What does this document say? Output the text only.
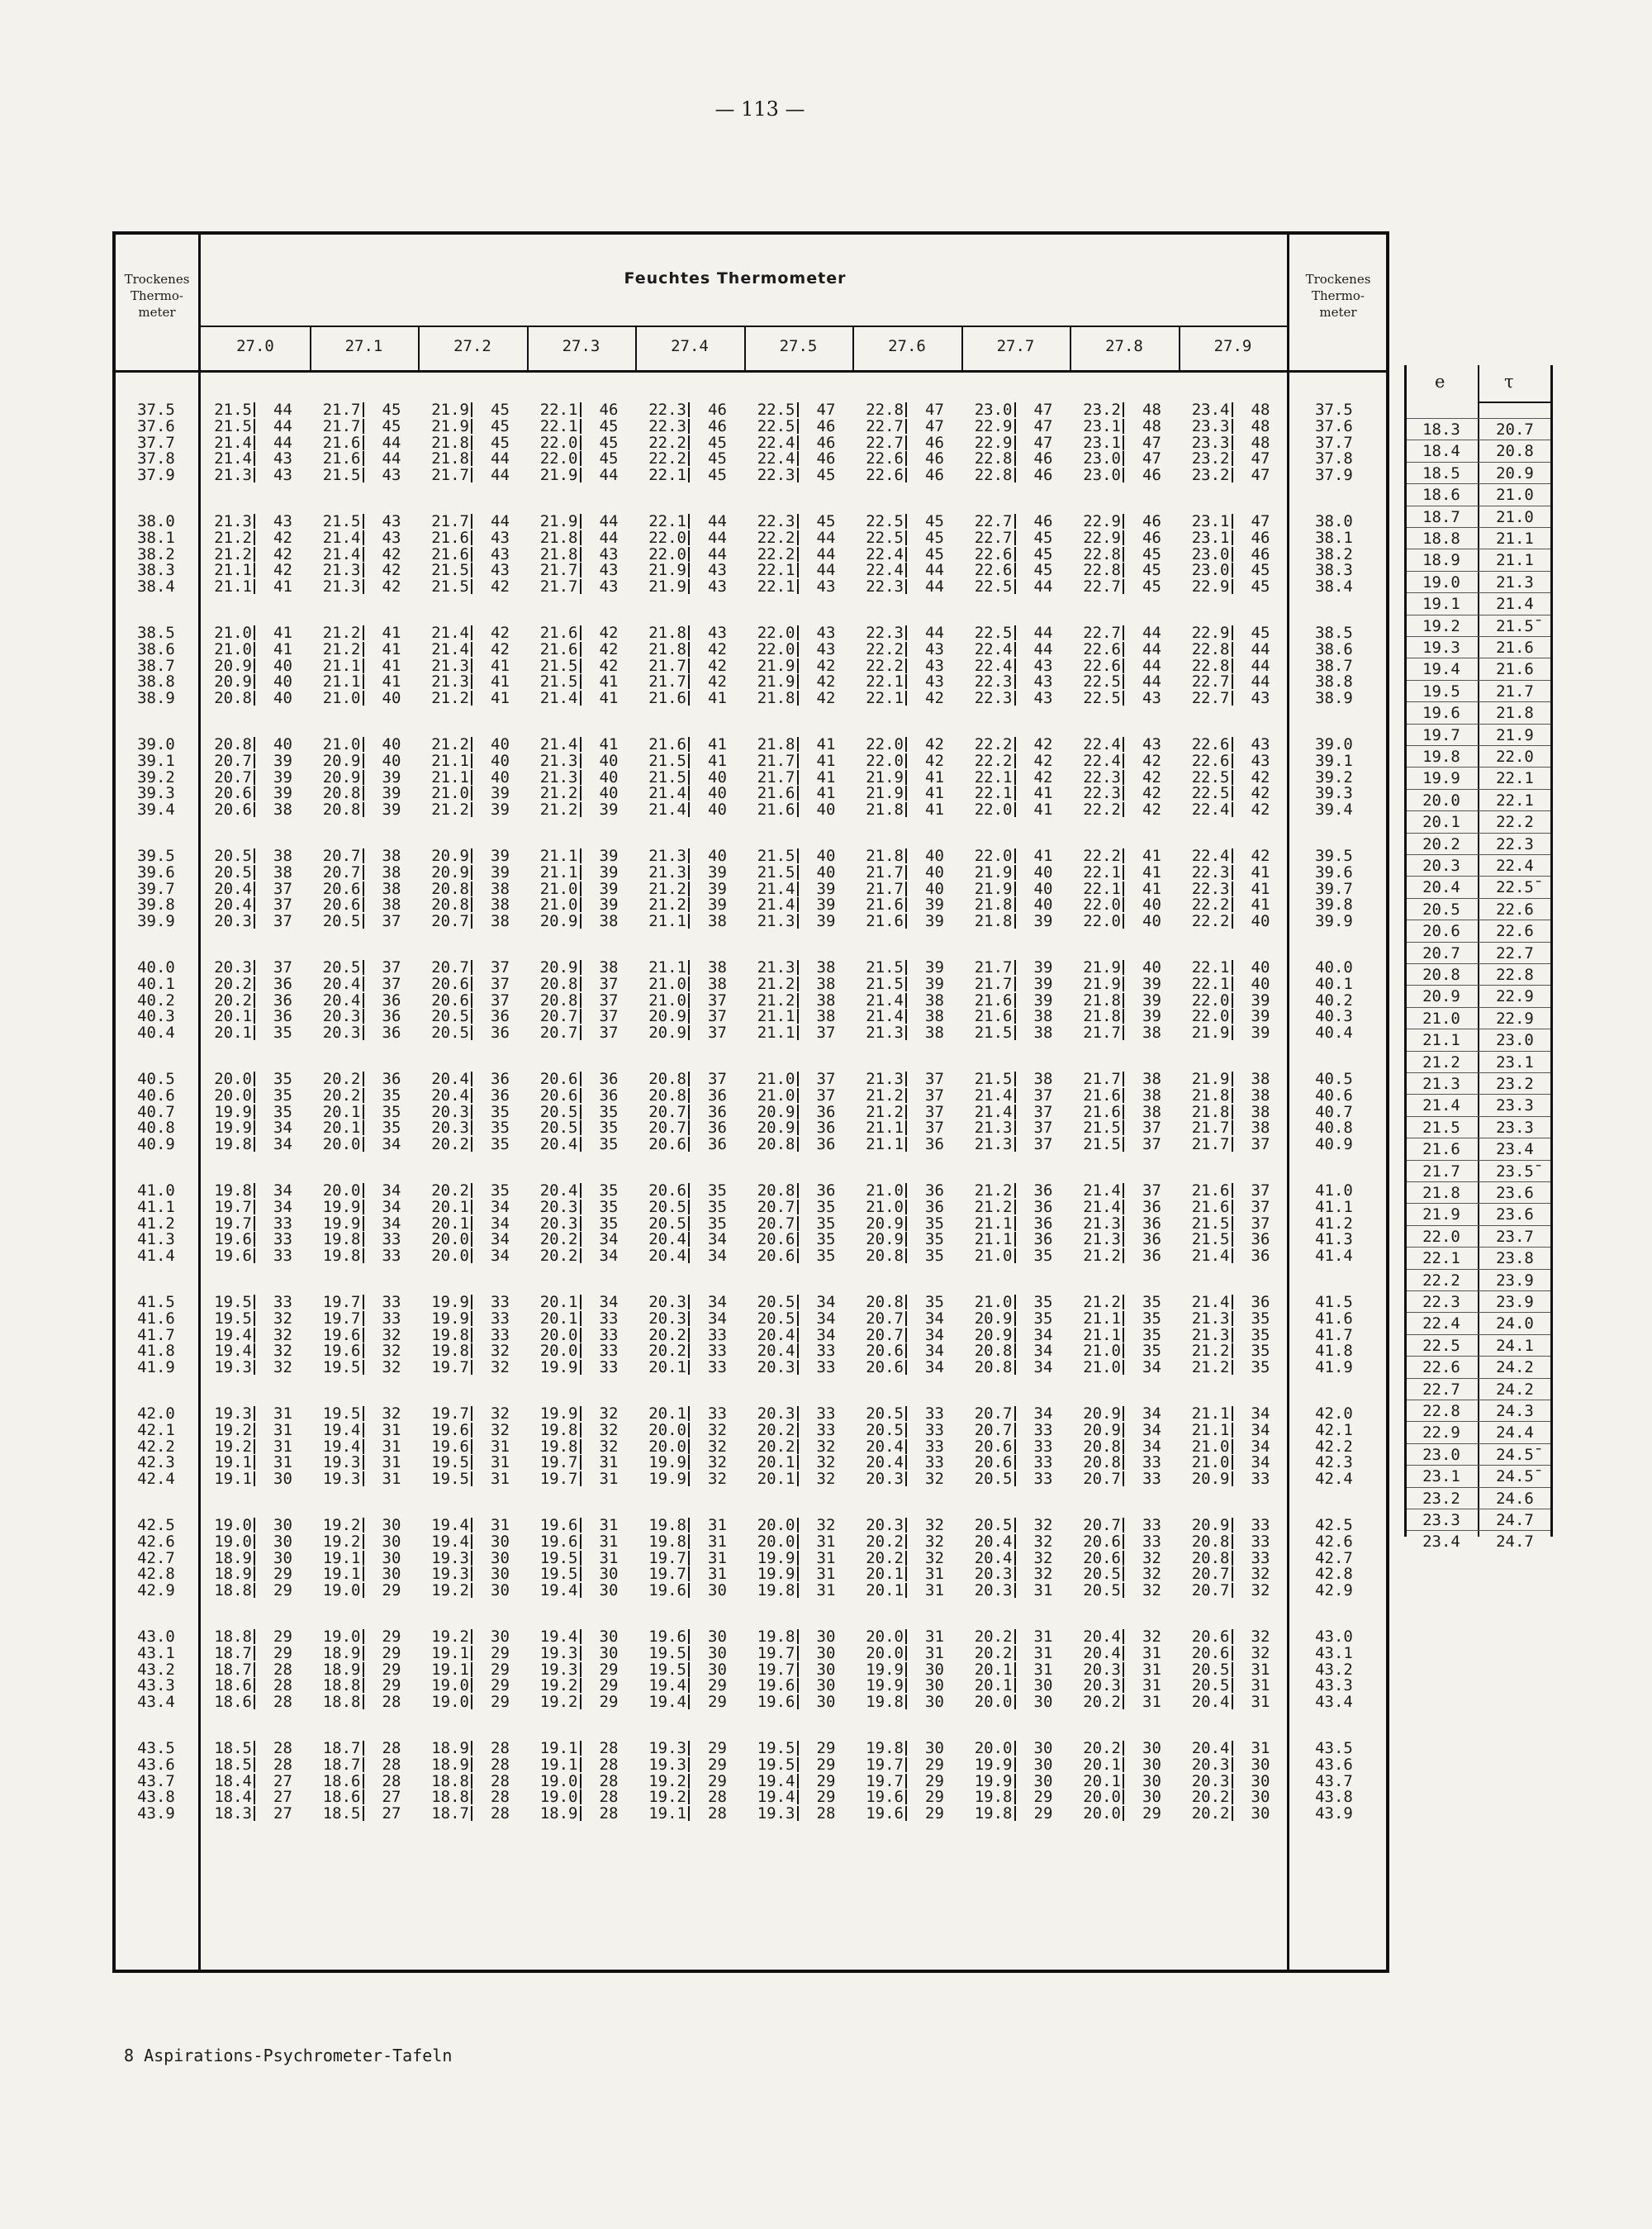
— 113 —
Trockenes
Thermo-
meter
Trockenes
Thermo-
meter
Feuchtes Thermometer
27.0	27.1	27.2	27.3	27.4	27.5	27.6	27.7	27.8	27.9
37.5	21.5 44	21.7 45	21.9 45	22.1 46	22.3 46	22.5 47	22.8 47	23.0 47	23.2 48	23.4 48	37.5
37.6	21.5 44	21.7 45	21.9 45	22.1 45	22.3 46	22.5 46	22.7 47	22.9 47	23.1 48	23.3 48	37.6
37.7	21.4 44	21.6 44	21.8 45	22.0 45	22.2 45	22.4 46	22.7 46	22.9 47	23.1 47	23.3 48	37.7
37.8	21.4 43	21.6 44	21.8 44	22.0 45	22.2 45	22.4 46	22.6 46	22.8 46	23.0 47	23.2 47	37.8
37.9	21.3 43	21.5 43	21.7 44	21.9 44	22.1 45	22.3 45	22.6 46	22.8 46	23.0 46	23.2 47	37.9
38.0	21.3 43	21.5 43	21.7 44	21.9 44	22.1 44	22.3 45	22.5 45	22.7 46	22.9 46	23.1 47	38.0
38.1	21.2 42	21.4 43	21.6 43	21.8 44	22.0 44	22.2 44	22.5 45	22.7 45	22.9 46	23.1 46	38.1
38.2	21.2 42	21.4 42	21.6 43	21.8 43	22.0 44	22.2 44	22.4 45	22.6 45	22.8 45	23.0 46	38.2
38.3	21.1 42	21.3 42	21.5 43	21.7 43	21.9 43	22.1 44	22.4 44	22.6 45	22.8 45	23.0 45	38.3
38.4	21.1 41	21.3 42	21.5 42	21.7 43	21.9 43	22.1 43	22.3 44	22.5 44	22.7 45	22.9 45	38.4
38.5	21.0 41	21.2 41	21.4 42	21.6 42	21.8 43	22.0 43	22.3 44	22.5 44	22.7 44	22.9 45	38.5
38.6	21.0 41	21.2 41	21.4 42	21.6 42	21.8 42	22.0 43	22.2 43	22.4 44	22.6 44	22.8 44	38.6
38.7	20.9 40	21.1 41	21.3 41	21.5 42	21.7 42	21.9 42	22.2 43	22.4 43	22.6 44	22.8 44	38.7
38.8	20.9 40	21.1 41	21.3 41	21.5 41	21.7 42	21.9 42	22.1 43	22.3 43	22.5 44	22.7 44	38.8
38.9	20.8 40	21.0 40	21.2 41	21.4 41	21.6 41	21.8 42	22.1 42	22.3 43	22.5 43	22.7 43	38.9
39.0	20.8 40	21.0 40	21.2 40	21.4 41	21.6 41	21.8 41	22.0 42	22.2 42	22.4 43	22.6 43	39.0
39.1	20.7 39	20.9 40	21.1 40	21.3 40	21.5 41	21.7 41	22.0 42	22.2 42	22.4 42	22.6 43	39.1
39.2	20.7 39	20.9 39	21.1 40	21.3 40	21.5 40	21.7 41	21.9 41	22.1 42	22.3 42	22.5 42	39.2
39.3	20.6 39	20.8 39	21.0 39	21.2 40	21.4 40	21.6 41	21.9 41	22.1 41	22.3 42	22.5 42	39.3
39.4	20.6 38	20.8 39	21.2 39	21.2 39	21.4 40	21.6 40	21.8 41	22.0 41	22.2 42	22.4 42	39.4
39.5	20.5 38	20.7 38	20.9 39	21.1 39	21.3 40	21.5 40	21.8 40	22.0 41	22.2 41	22.4 42	39.5
39.6	20.5 38	20.7 38	20.9 39	21.1 39	21.3 39	21.5 40	21.7 40	21.9 40	22.1 41	22.3 41	39.6
39.7	20.4 37	20.6 38	20.8 38	21.0 39	21.2 39	21.4 39	21.7 40	21.9 40	22.1 41	22.3 41	39.7
39.8	20.4 37	20.6 38	20.8 38	21.0 39	21.2 39	21.4 39	21.6 39	21.8 40	22.0 40	22.2 41	39.8
39.9	20.3 37	20.5 37	20.7 38	20.9 38	21.1 38	21.3 39	21.6 39	21.8 39	22.0 40	22.2 40	39.9
40.0	20.3 37	20.5 37	20.7 37	20.9 38	21.1 38	21.3 38	21.5 39	21.7 39	21.9 40	22.1 40	40.0
40.1	20.2 36	20.4 37	20.6 37	20.8 37	21.0 38	21.2 38	21.5 39	21.7 39	21.9 39	22.1 40	40.1
40.2	20.2 36	20.4 36	20.6 37	20.8 37	21.0 37	21.2 38	21.4 38	21.6 39	21.8 39	22.0 39	40.2
40.3	20.1 36	20.3 36	20.5 36	20.7 37	20.9 37	21.1 38	21.4 38	21.6 38	21.8 39	22.0 39	40.3
40.4	20.1 35	20.3 36	20.5 36	20.7 37	20.9 37	21.1 37	21.3 38	21.5 38	21.7 38	21.9 39	40.4
40.5	20.0 35	20.2 36	20.4 36	20.6 36	20.8 37	21.0 37	21.3 37	21.5 38	21.7 38	21.9 38	40.5
40.6	20.0 35	20.2 35	20.4 36	20.6 36	20.8 36	21.0 37	21.2 37	21.4 37	21.6 38	21.8 38	40.6
40.7	19.9 35	20.1 35	20.3 35	20.5 35	20.7 36	20.9 36	21.2 37	21.4 37	21.6 38	21.8 38	40.7
40.8	19.9 34	20.1 35	20.3 35	20.5 35	20.7 36	20.9 36	21.1 37	21.3 37	21.5 37	21.7 38	40.8
40.9	19.8 34	20.0 34	20.2 35	20.4 35	20.6 36	20.8 36	21.1 36	21.3 37	21.5 37	21.7 37	40.9
41.0	19.8 34	20.0 34	20.2 35	20.4 35	20.6 35	20.8 36	21.0 36	21.2 36	21.4 37	21.6 37	41.0
41.1	19.7 34	19.9 34	20.1 34	20.3 35	20.5 35	20.7 35	21.0 36	21.2 36	21.4 36	21.6 37	41.1
41.2	19.7 33	19.9 34	20.1 34	20.3 35	20.5 35	20.7 35	20.9 35	21.1 36	21.3 36	21.5 37	41.2
41.3	19.6 33	19.8 33	20.0 34	20.2 34	20.4 34	20.6 35	20.9 35	21.1 36	21.3 36	21.5 36	41.3
41.4	19.6 33	19.8 33	20.0 34	20.2 34	20.4 34	20.6 35	20.8 35	21.0 35	21.2 36	21.4 36	41.4
41.5	19.5 33	19.7 33	19.9 33	20.1 34	20.3 34	20.5 34	20.8 35	21.0 35	21.2 35	21.4 36	41.5
41.6	19.5 32	19.7 33	19.9 33	20.1 33	20.3 34	20.5 34	20.7 34	20.9 35	21.1 35	21.3 35	41.6
41.7	19.4 32	19.6 32	19.8 33	20.0 33	20.2 33	20.4 34	20.7 34	20.9 34	21.1 35	21.3 35	41.7
41.8	19.4 32	19.6 32	19.8 32	20.0 33	20.2 33	20.4 33	20.6 34	20.8 34	21.0 35	21.2 35	41.8
41.9	19.3 32	19.5 32	19.7 32	19.9 33	20.1 33	20.3 33	20.6 34	20.8 34	21.0 34	21.2 35	41.9
42.0	19.3 31	19.5 32	19.7 32	19.9 32	20.1 33	20.3 33	20.5 33	20.7 34	20.9 34	21.1 34	42.0
42.1	19.2 31	19.4 31	19.6 32	19.8 32	20.0 32	20.2 33	20.5 33	20.7 33	20.9 34	21.1 34	42.1
42.2	19.2 31	19.4 31	19.6 31	19.8 32	20.0 32	20.2 32	20.4 33	20.6 33	20.8 34	21.0 34	42.2
42.3	19.1 31	19.3 31	19.5 31	19.7 31	19.9 32	20.1 32	20.4 33	20.6 33	20.8 33	21.0 34	42.3
42.4	19.1 30	19.3 31	19.5 31	19.7 31	19.9 32	20.1 32	20.3 32	20.5 33	20.7 33	20.9 33	42.4
42.5	19.0 30	19.2 30	19.4 31	19.6 31	19.8 31	20.0 32	20.3 32	20.5 32	20.7 33	20.9 33	42.5
42.6	19.0 30	19.2 30	19.4 30	19.6 31	19.8 31	20.0 31	20.2 32	20.4 32	20.6 33	20.8 33	42.6
42.7	18.9 30	19.1 30	19.3 30	19.5 31	19.7 31	19.9 31	20.2 32	20.4 32	20.6 32	20.8 33	42.7
42.8	18.9 29	19.1 30	19.3 30	19.5 30	19.7 31	19.9 31	20.1 31	20.3 32	20.5 32	20.7 32	42.8
42.9	18.8 29	19.0 29	19.2 30	19.4 30	19.6 30	19.8 31	20.1 31	20.3 31	20.5 32	20.7 32	42.9
43.0	18.8 29	19.0 29	19.2 30	19.4 30	19.6 30	19.8 30	20.0 31	20.2 31	20.4 32	20.6 32	43.0
43.1	18.7 29	18.9 29	19.1 29	19.3 30	19.5 30	19.7 30	20.0 31	20.2 31	20.4 31	20.6 32	43.1
43.2	18.7 28	18.9 29	19.1 29	19.3 29	19.5 30	19.7 30	19.9 30	20.1 31	20.3 31	20.5 31	43.2
43.3	18.6 28	18.8 29	19.0 29	19.2 29	19.4 29	19.6 30	19.9 30	20.1 30	20.3 31	20.5 31	43.3
43.4	18.6 28	18.8 28	19.0 29	19.2 29	19.4 29	19.6 30	19.8 30	20.0 30	20.2 31	20.4 31	43.4
43.5	18.5 28	18.7 28	18.9 28	19.1 28	19.3 29	19.5 29	19.8 30	20.0 30	20.2 30	20.4 31	43.5
43.6	18.5 28	18.7 28	18.9 28	19.1 28	19.3 29	19.5 29	19.7 29	19.9 30	20.1 30	20.3 30	43.6
43.7	18.4 27	18.6 28	18.8 28	19.0 28	19.2 29	19.4 29	19.7 29	19.9 30	20.1 30	20.3 30	43.7
43.8	18.4 27	18.6 27	18.8 28	19.0 28	19.2 28	19.4 29	19.6 29	19.8 29	20.0 30	20.2 30	43.8
43.9	18.3 27	18.5 27	18.7 28	18.9 28	19.1 28	19.3 28	19.6 29	19.8 29	20.0 29	20.2 30	43.9
e	τ
18.3	20.7
18.4	20.8
18.5	20.9
18.6	21.0
18.7	21.0
18.8	21.1
18.9	21.1
19.0	21.3
19.1	21.4
19.2	21.5̄
19.3	21.6
19.4	21.6
19.5	21.7
19.6	21.8
19.7	21.9
19.8	22.0
19.9	22.1
20.0	22.1
20.1	22.2
20.2	22.3
20.3	22.4
20.4	22.5̄
20.5	22.6
20.6	22.6
20.7	22.7
20.8	22.8
20.9	22.9
21.0	22.9
21.1	23.0
21.2	23.1
21.3	23.2
21.4	23.3
21.5	23.3
21.6	23.4
21.7	23.5̄
21.8	23.6
21.9	23.6
22.0	23.7
22.1	23.8
22.2	23.9
22.3	23.9
22.4	24.0
22.5	24.1
22.6	24.2
22.7	24.2
22.8	24.3
22.9	24.4
23.0	24.5̄
23.1	24.5̄
23.2	24.6
23.3	24.7
23.4	24.7
8 Aspirations-Psychrometer-Tafeln
